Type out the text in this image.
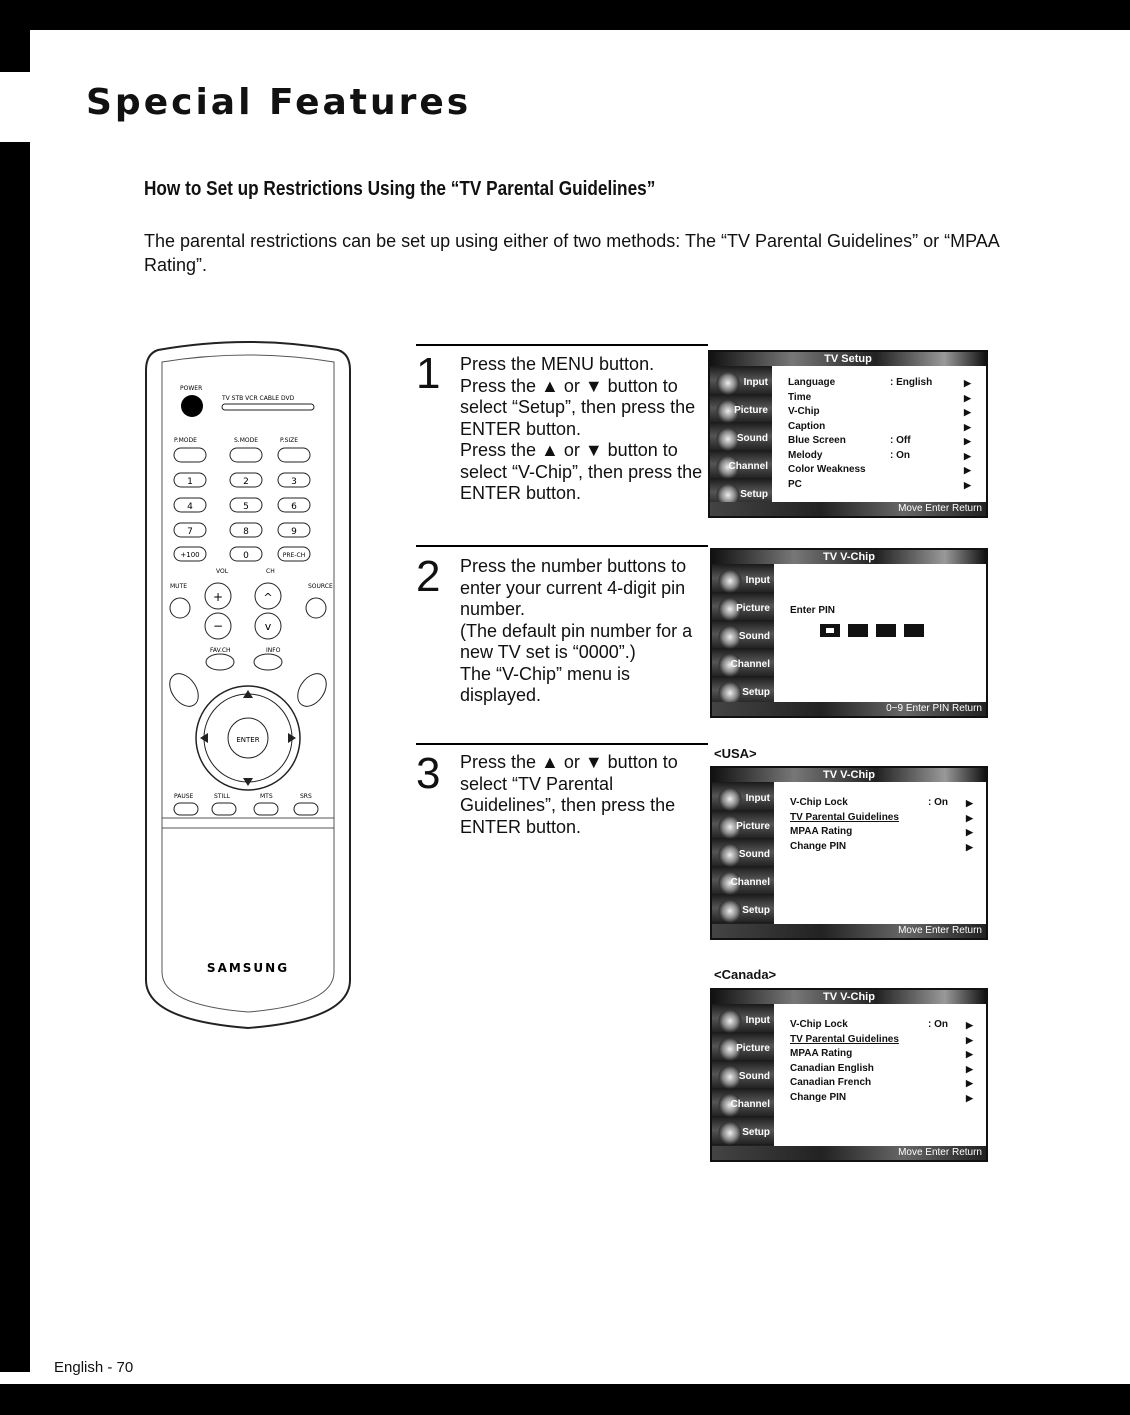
Special Features
How to Set up Restrictions Using the “TV Parental Guidelines”
The parental restrictions can be set up using either of two methods: The “TV Parental Guidelines” or “MPAA Rating”.
POWER
TV STB VCR CABLE DVD
P.MODE	S.MODE	P.SIZE
1	2	3
4	5	6
7	8	9
+100	0	PRE-CH
VOL	CH
MUTE	SOURCE
+	^
−	v
FAV.CH	INFO
ENTER
PAUSE	STILL	MTS	SRS
SAMSUNG
1 Press the MENU button.
Press the ▲ or ▼ button to select “Setup”, then press the ENTER button.
Press the ▲ or ▼ button to select “V-Chip”, then press the ENTER button.
TV Setup
Input
Picture
Sound
Channel
Setup
Language	: English	▶
Time	▶
V-Chip	▶
Caption	▶
Blue Screen	: Off	▶
Melody	: On	▶
Color Weakness	▶
PC	▶
Move Enter Return
2 Press the number buttons to enter your current 4-digit pin number.
(The default pin number for a new TV set is “0000”.)
The “V-Chip” menu is displayed.
TV V-Chip
Input
Picture
Sound
Channel
Setup
Enter PIN
0~9 Enter PIN Return
3 Press the ▲ or ▼ button to select “TV Parental Guidelines”, then press the ENTER button.
<USA>
TV V-Chip
Input
Picture
Sound
Channel
Setup
V-Chip Lock	: On ▶
TV Parental Guidelines	▶
MPAA Rating	▶
Change PIN	▶
Move Enter Return
<Canada>
TV V-Chip
Input
Picture
Sound
Channel
Setup
V-Chip Lock	: On ▶
TV Parental Guidelines	▶
MPAA Rating	▶
Canadian English	▶
Canadian French	▶
Change PIN	▶
Move Enter Return
English - 70
